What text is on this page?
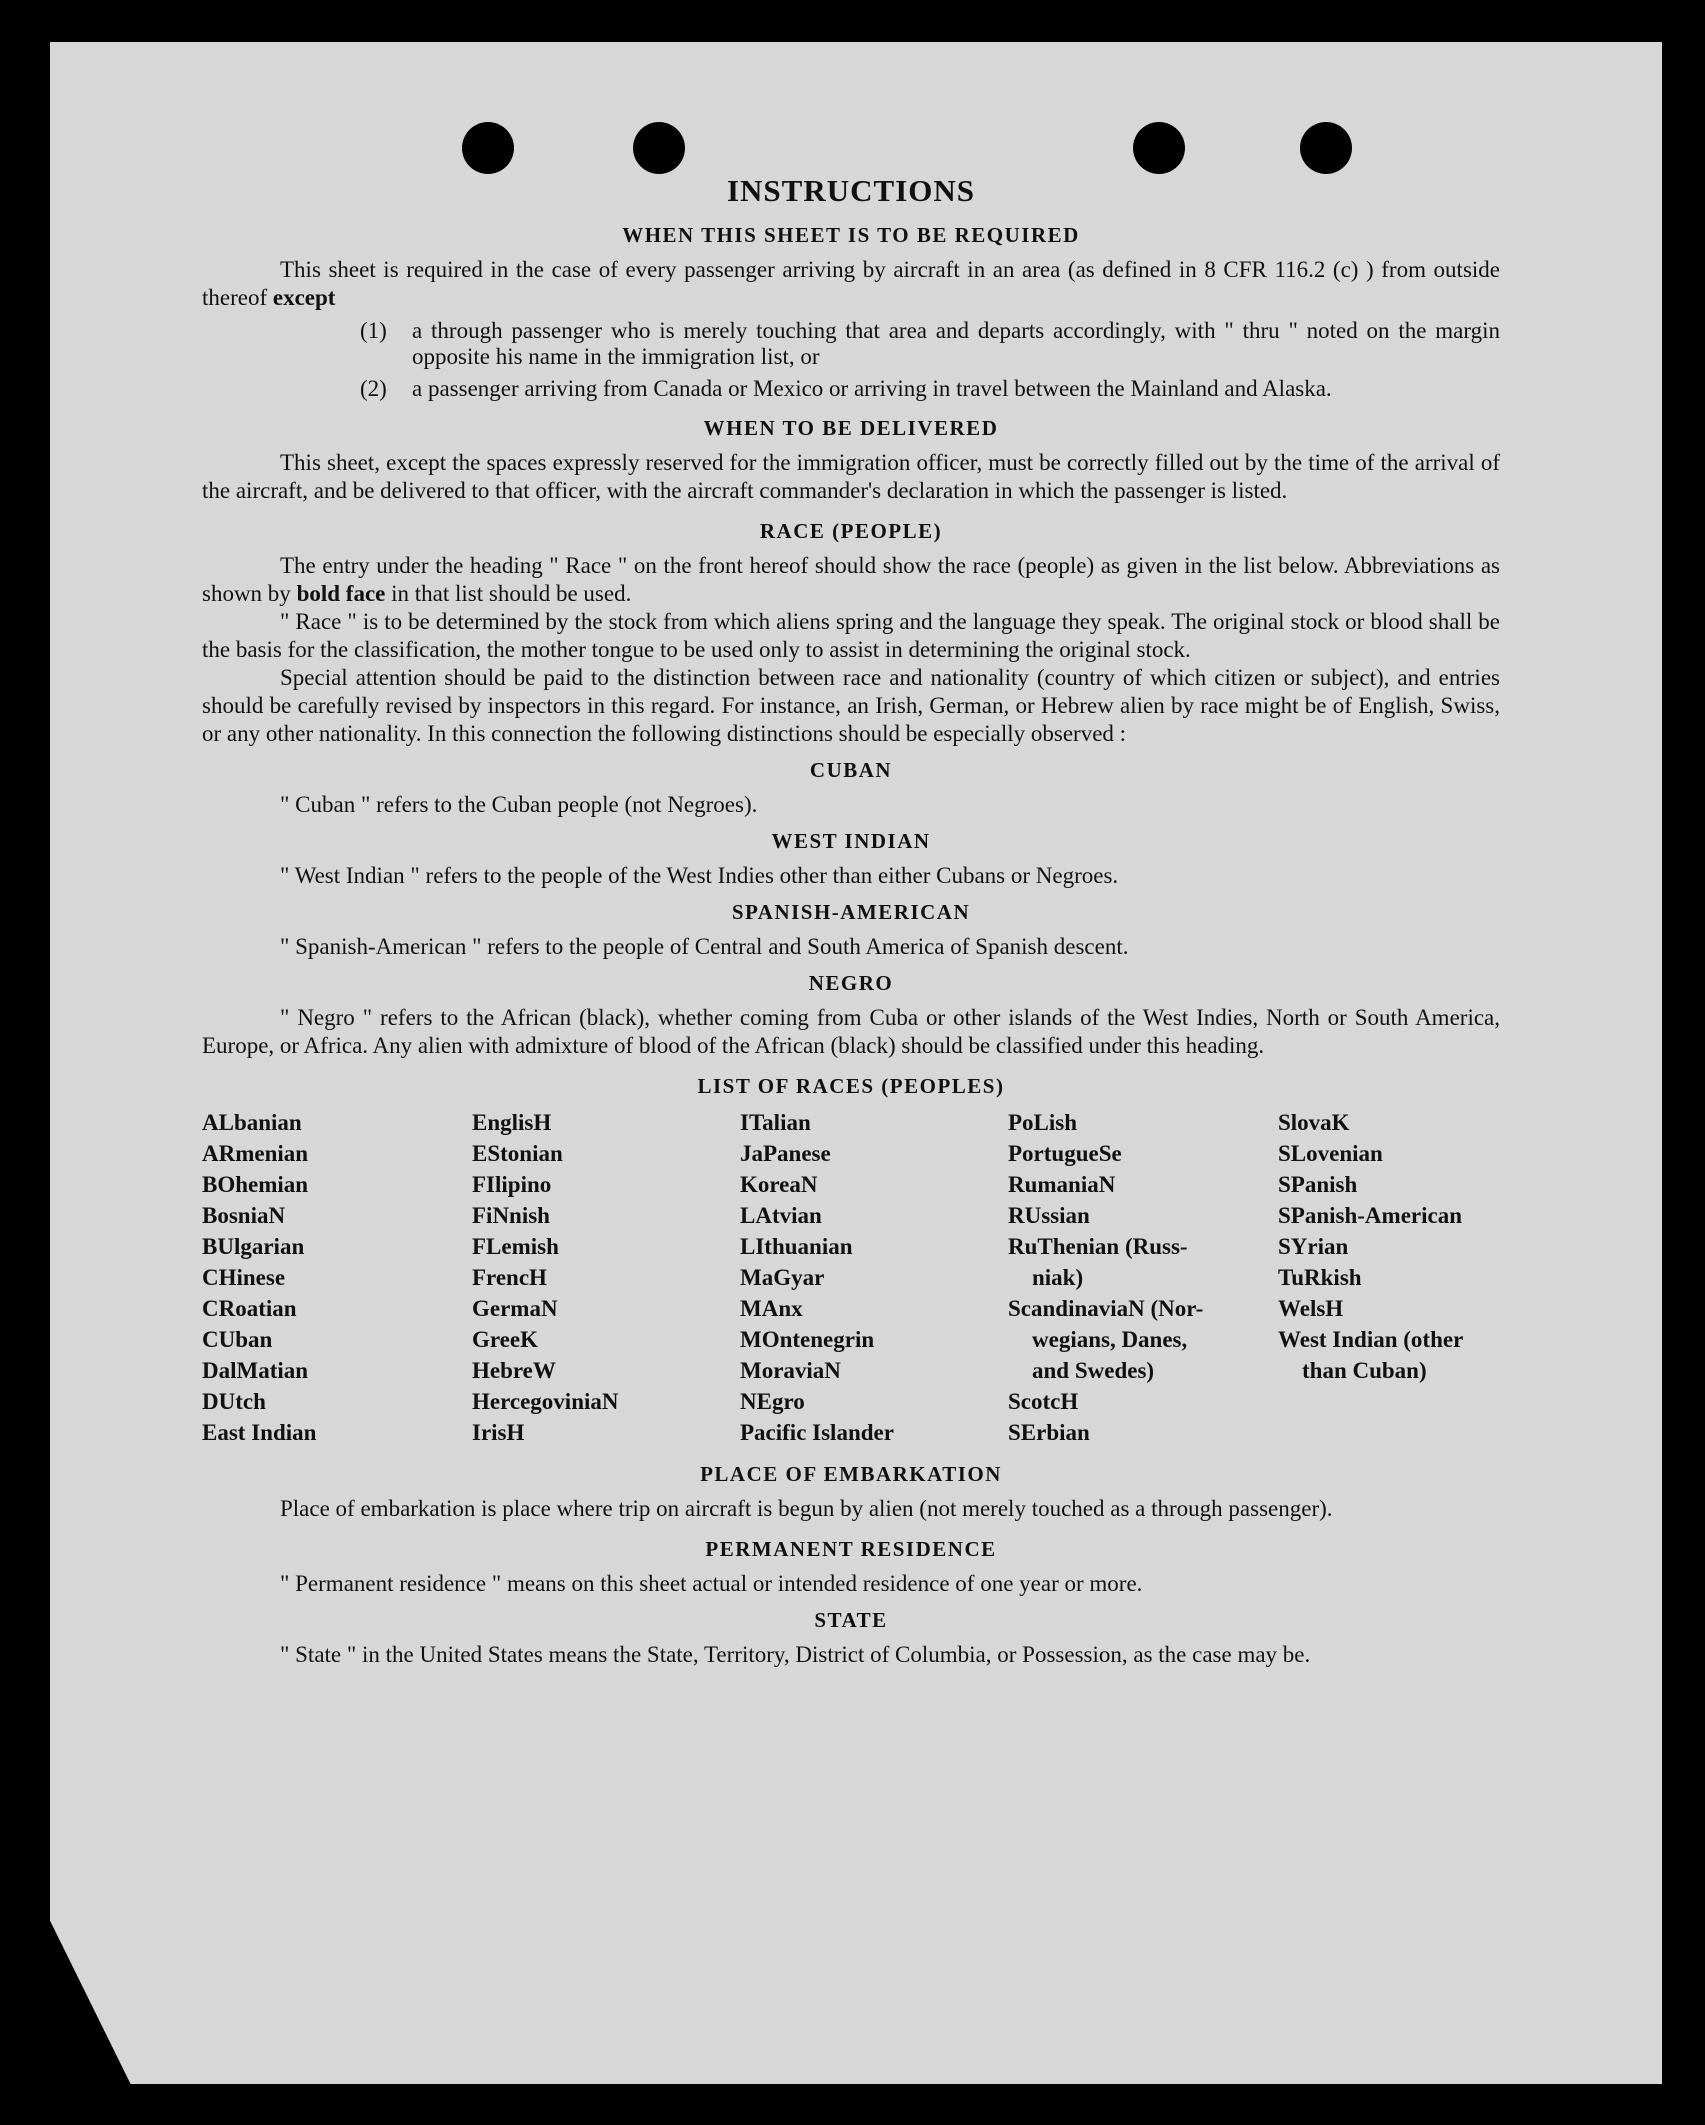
INSTRUCTIONS
WHEN THIS SHEET IS TO BE REQUIRED

This sheet is required in the case of every passenger arriving by aircraft in an area (as defined in 8 CFR 116.2 (c) ) from outside thereof except

(1)	a through passenger who is merely touching that area and departs accordingly, with " thru " noted on the margin opposite his name in the immigration list, or
(2)	a passenger arriving from Canada or Mexico or arriving in travel between the Mainland and Alaska.
WHEN TO BE DELIVERED

This sheet, except the spaces expressly reserved for the immigration officer, must be correctly filled out by the time of the arrival of the aircraft, and be delivered to that officer, with the aircraft commander's declaration in which the passenger is listed.

RACE (PEOPLE)

The entry under the heading " Race " on the front hereof should show the race (people) as given in the list below. Abbreviations as shown by bold face in that list should be used.

" Race " is to be determined by the stock from which aliens spring and the language they speak. The original stock or blood shall be the basis for the classification, the mother tongue to be used only to assist in determining the original stock.

Special attention should be paid to the distinction between race and nationality (country of which citizen or subject), and entries should be carefully revised by inspectors in this regard. For instance, an Irish, German, or Hebrew alien by race might be of English, Swiss, or any other nationality. In this connection the following distinctions should be especially observed :

CUBAN

" Cuban " refers to the Cuban people (not Negroes).

WEST INDIAN

" West Indian " refers to the people of the West Indies other than either Cubans or Negroes.

SPANISH-AMERICAN

" Spanish-American " refers to the people of Central and South America of Spanish descent.

NEGRO

" Negro " refers to the African (black), whether coming from Cuba or other islands of the West Indies, North or South America, Europe, or Africa. Any alien with admixture of blood of the African (black) should be classified under this heading.

LIST OF RACES (PEOPLES)
ALbanian
ARmenian
BOhemian
BosniaN
BUlgarian
CHinese
CRoatian
CUban
DalMatian
DUtch
East Indian
EnglisH
EStonian
FIlipino
FiNnish
FLemish
FrencH
GermaN
GreeK
HebreW
HercegoviniaN
IrisH
ITalian
JaPanese
KoreaN
LAtvian
LIthuanian
MaGyar
MAnx
MOntenegrin
MoraviaN
NEgro
Pacific Islander
PoLish
PortugueSe
RumaniaN
RUssian
RuThenian (Russ-
niak)
ScandinaviaN (Nor-
wegians, Danes,
and Swedes)
ScotcH
SErbian
SlovaK
SLovenian
SPanish
SPanish-American
SYrian
TuRkish
WelsH
West Indian (other
than Cuban)
PLACE OF EMBARKATION

Place of embarkation is place where trip on aircraft is begun by alien (not merely touched as a through passenger).

PERMANENT RESIDENCE

" Permanent residence " means on this sheet actual or intended residence of one year or more.

STATE

" State " in the United States means the State, Territory, District of Columbia, or Possession, as the case may be.
